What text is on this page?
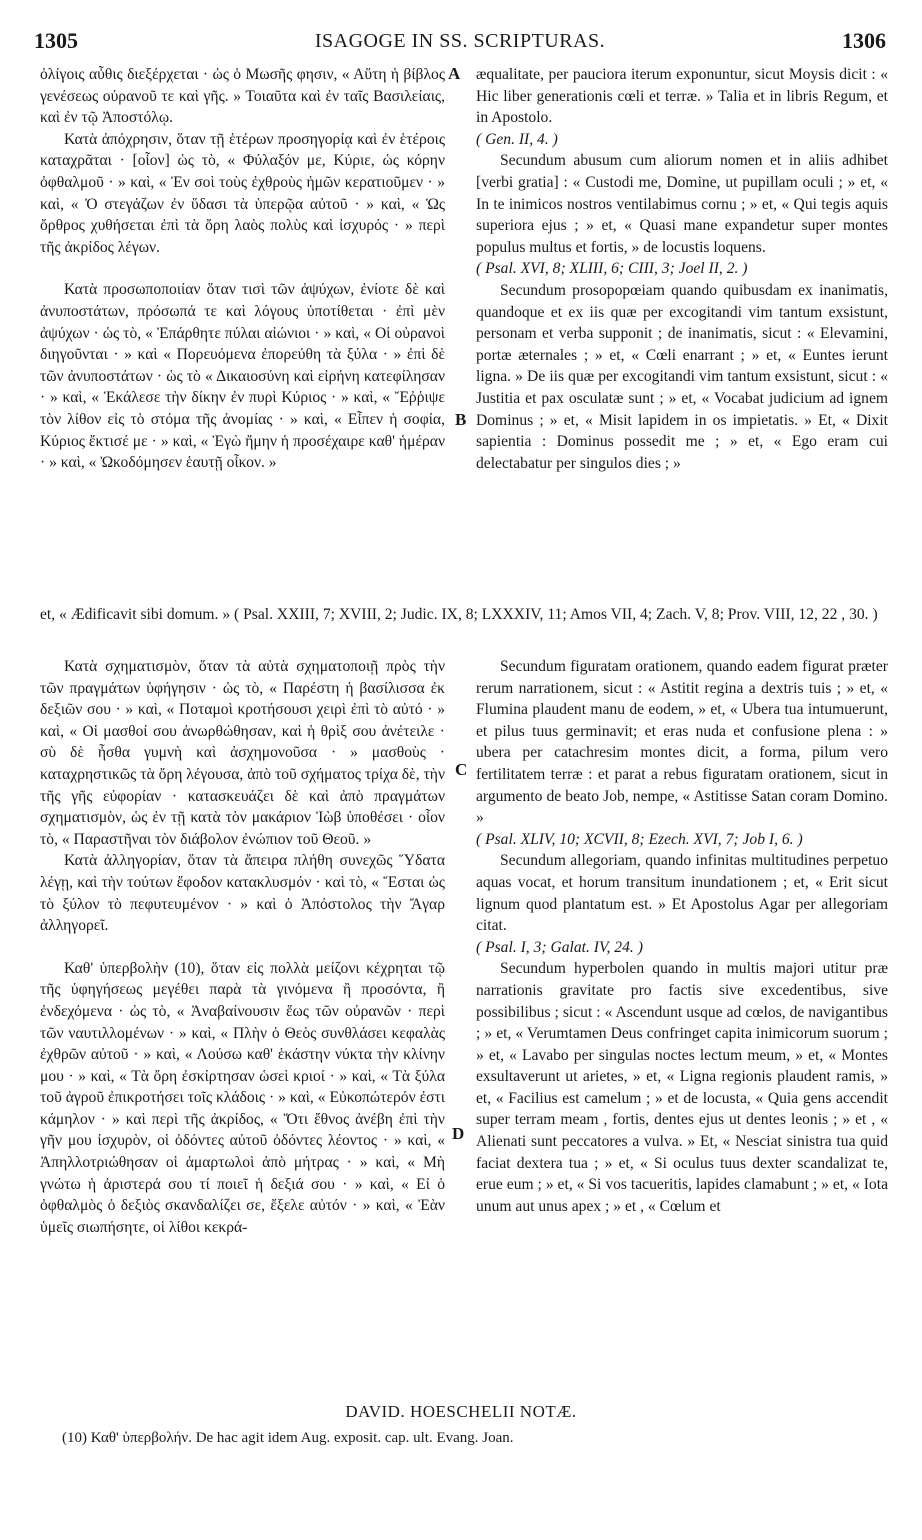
1305	ISAGOGE IN SS. SCRIPTURAS.	1306
A
B
C
D

ὀλίγοις αὖθις διεξέρχεται · ὡς ὁ Μωσῆς φησιν, « Αὕτη ἡ βίβλος γενέσεως οὐρανοῦ τε καὶ γῆς. » Τοιαῦτα καὶ ἐν ταῖς Βασιλείαις, καὶ ἐν τῷ Ἀποστόλῳ.

Κατὰ ἀπόχρησιν, ὅταν τῇ ἑτέρων προσηγορίᾳ καὶ ἐν ἑτέροις καταχρᾶται · [οἷον] ὡς τὸ, « Φύλαξόν με, Κύριε, ὡς κόρην ὀφθαλμοῦ · » καὶ, « Ἐν σοὶ τοὺς ἐχθροὺς ἡμῶν κερατιοῦμεν · » καὶ, « Ὁ στεγάζων ἐν ὕδασι τὰ ὑπερῷα αὐτοῦ · » καὶ, « Ὡς ὄρθρος χυθήσεται ἐπὶ τὰ ὄρη λαὸς πολὺς καὶ ἰσχυρός · » περὶ τῆς ἀκρίδος λέγων.

Κατὰ προσωποποιίαν ὅταν τισὶ τῶν ἀψύχων, ἐνίοτε δὲ καὶ ἀνυποστάτων, πρόσωπά τε καὶ λόγους ὑποτίθεται · ἐπὶ μὲν ἀψύχων · ὡς τὸ, « Ἐπάρθητε πύλαι αἰώνιοι · » καὶ, « Οἱ οὐρανοὶ διηγοῦνται · » καὶ « Πορευόμενα ἐπορεύθη τὰ ξύλα · » ἐπὶ δὲ τῶν ἀνυποστάτων · ὡς τὸ « Δικαιοσύνη καὶ εἰρήνη κατεφίλησαν · » καὶ, « Ἐκάλεσε τὴν δίκην ἐν πυρὶ Κύριος · » καὶ, « Ἔῤῥιψε τὸν λίθον εἰς τὸ στόμα τῆς ἀνομίας · » καὶ, « Εἶπεν ἡ σοφία, Κύριος ἔκτισέ με · » καὶ, « Ἐγὼ ἤμην ἡ προσέχαιρε καθ' ἡμέραν · » καὶ, « Ὠκοδόμησεν ἑαυτῇ οἶκον. »

æqualitate, per pauciora iterum exponuntur, sicut Moysis dicit : « Hic liber generationis cœli et terræ. » Talia et in libris Regum, et in Apostolo.

( Gen. II, 4. )

Secundum abusum cum aliorum nomen et in aliis adhibet [verbi gratia] : « Custodi me, Domine, ut pupillam oculi ; » et, « In te inimicos nostros ventilabimus cornu ; » et, « Qui tegis aquis superiora ejus ; » et, « Quasi mane expandetur super montes populus multus et fortis, » de locustis loquens.

( Psal. XVI, 8; XLIII, 6; CIII, 3; Joel II, 2. )

Secundum prosopopœiam quando quibusdam ex inanimatis, quandoque et ex iis quæ per excogitandi vim tantum exsistunt, personam et verba supponit ; de inanimatis, sicut : « Elevamini, portæ æternales ; » et, « Cœli enarrant ; » et, « Euntes ierunt ligna. » De iis quæ per excogitandi vim tantum exsistunt, sicut : « Justitia et pax osculatæ sunt ; » et, « Vocabat judicium ad ignem Dominus ; » et, « Misit lapidem in os impietatis. » Et, « Dixit sapientia : Dominus possedit me ; » et, « Ego eram cui delectabatur per singulos dies ; »

et, « Ædificavit sibi domum. » ( Psal. XXIII, 7; XVIII, 2; Judic. IX, 8; LXXXIV, 11; Amos VII, 4; Zach. V, 8; Prov. VIII, 12, 22 , 30. )

Κατὰ σχηματισμὸν, ὅταν τὰ αὐτὰ σχηματοποιῇ πρὸς τὴν τῶν πραγμάτων ὑφήγησιν · ὡς τὸ, « Παρέστη ἡ βασίλισσα ἐκ δεξιῶν σου · » καὶ, « Ποταμοὶ κροτήσουσι χειρὶ ἐπὶ τὸ αὐτό · » καὶ, « Οἱ μασθοί σου ἀνωρθώθησαν, καὶ ἡ θρὶξ σου ἀνέτειλε · σὺ δὲ ἦσθα γυμνὴ καὶ ἀσχημονοῦσα · » μασθοὺς · καταχρηστικῶς τὰ ὄρη λέγουσα, ἀπὸ τοῦ σχήματος τρίχα δὲ, τὴν τῆς γῆς εὐφορίαν · κατασκευάζει δὲ καὶ ἀπὸ πραγμάτων σχηματισμὸν, ὡς ἐν τῇ κατὰ τὸν μακάριον Ἰὼβ ὑποθέσει · οἷον τὸ, « Παραστῆναι τὸν διάβολον ἐνώπιον τοῦ Θεοῦ. »

Κατὰ ἀλληγορίαν, ὅταν τὰ ἄπειρα πλήθη συνεχῶς Ὕδατα λέγῃ, καὶ τὴν τούτων ἔφοδον κατακλυσμόν · καὶ τὸ, « Ἔσται ὡς τὸ ξύλον τὸ πεφυτευμένον · » καὶ ὁ Ἀπόστολος τὴν Ἄγαρ ἀλληγορεῖ.

Καθ' ὑπερβολὴν (10), ὅταν εἰς πολλὰ μείζονι κέχρηται τῷ τῆς ὑφηγήσεως μεγέθει παρὰ τὰ γινόμενα ἢ προσόντα, ἢ ἐνδεχόμενα · ὡς τὸ, « Ἀναβαίνουσιν ἕως τῶν οὐρανῶν · περὶ τῶν ναυτιλλομένων · » καὶ, « Πλὴν ὁ Θεὸς συνθλάσει κεφαλὰς ἐχθρῶν αὐτοῦ · » καὶ, « Λούσω καθ' ἑκάστην νύκτα τὴν κλίνην μου · » καὶ, « Τὰ ὄρη ἐσκίρτησαν ὡσεὶ κριοί · » καὶ, « Τὰ ξύλα τοῦ ἀγροῦ ἐπικροτήσει τοῖς κλάδοις · » καὶ, « Εὐκοπώτερόν ἐστι κάμηλον · » καὶ περὶ τῆς ἀκρίδος, « Ὅτι ἔθνος ἀνέβη ἐπὶ τὴν γῆν μου ἰσχυρὸν, οἱ ὀδόντες αὐτοῦ ὀδόντες λέοντος · » καὶ, « Ἀπηλλοτριώθησαν οἱ ἁμαρτωλοὶ ἀπὸ μήτρας · » καὶ, « Μὴ γνώτω ἡ ἀριστερά σου τί ποιεῖ ἡ δεξιά σου · » καὶ, « Εἰ ὁ ὀφθαλμὸς ὁ δεξιὸς σκανδαλίζει σε, ἔξελε αὐτόν · » καὶ, « Ἐὰν ὑμεῖς σιωπήσητε, οἱ λίθοι κεκρά-

Secundum figuratam orationem, quando eadem figurat præter rerum narrationem, sicut : « Astitit regina a dextris tuis ; » et, « Flumina plaudent manu de eodem, » et, « Ubera tua intumuerunt, et pilus tuus germinavit; et eras nuda et confusione plena : » ubera per catachresim montes dicit, a forma, pilum vero fertilitatem terræ : et parat a rebus figuratam orationem, sicut in argumento de beato Job, nempe, « Astitisse Satan coram Domino. »

( Psal. XLIV, 10; XCVII, 8; Ezech. XVI, 7; Job I, 6. )

Secundum allegoriam, quando infinitas multitudines perpetuo aquas vocat, et horum transitum inundationem ; et, « Erit sicut lignum quod plantatum est. » Et Apostolus Agar per allegoriam citat.

( Psal. I, 3; Galat. IV, 24. )

Secundum hyperbolen quando in multis majori utitur præ narrationis gravitate pro factis sive excedentibus, sive possibilibus ; sicut : « Ascendunt usque ad cœlos, de navigantibus ; » et, « Verumtamen Deus confringet capita inimicorum suorum ; » et, « Lavabo per singulas noctes lectum meum, » et, « Montes exsultaverunt ut arietes, » et, « Ligna regionis plaudent ramis, » et, « Facilius est camelum ; » et de locusta, « Quia gens accendit super terram meam , fortis, dentes ejus ut dentes leonis ; » et , « Alienati sunt peccatores a vulva. » Et, « Nesciat sinistra tua quid faciat dextera tua ; » et, « Si oculus tuus dexter scandalizat te, erue eum ; » et, « Si vos tacueritis, lapides clamabunt ; » et, « Iota unum aut unus apex ; » et , « Cœlum et

DAVID. HOESCHELII NOTÆ.
(10) Καθ' ὑπερβολήν. De hac agit idem Aug. exposit. cap. ult. Evang. Joan.
